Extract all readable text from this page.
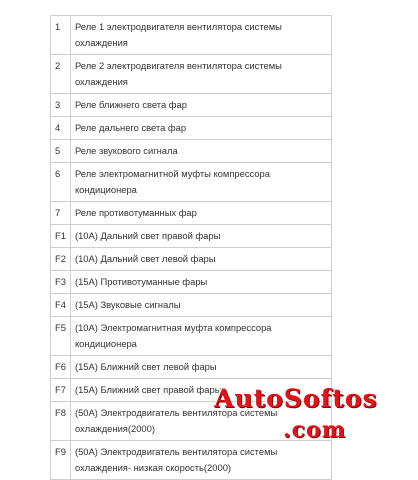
1	Реле 1 электродвигателя вентилятора системы охлаждения
2	Реле 2 электродвигателя вентилятора системы охлаждения
3	Реле ближнего света фар
4	Реле дальнего света фар
5	Реле звукового сигнала
6	Реле электромагнитной муфты компрессора кондиционера
7	Реле противотуманных фар
F1	(10А) Дальний свет правой фары
F2	(10А) Дальний свет левой фары
F3	(15А) Противотуманные фары
F4	(15А) Звуковые сигналы
F5	(10А) Электромагнитная муфта компрессора кондиционера
F6	(15А) Ближний свет левой фары
F7	(15А) Ближний свет правой фары
F8	(50А) Электродвигатель вентилятора системы охлаждения(2000)
F9	(50А) Электродвигатель вентилятора системы охлаждения- низкая скорость(2000)
AutoSoftos
.com
